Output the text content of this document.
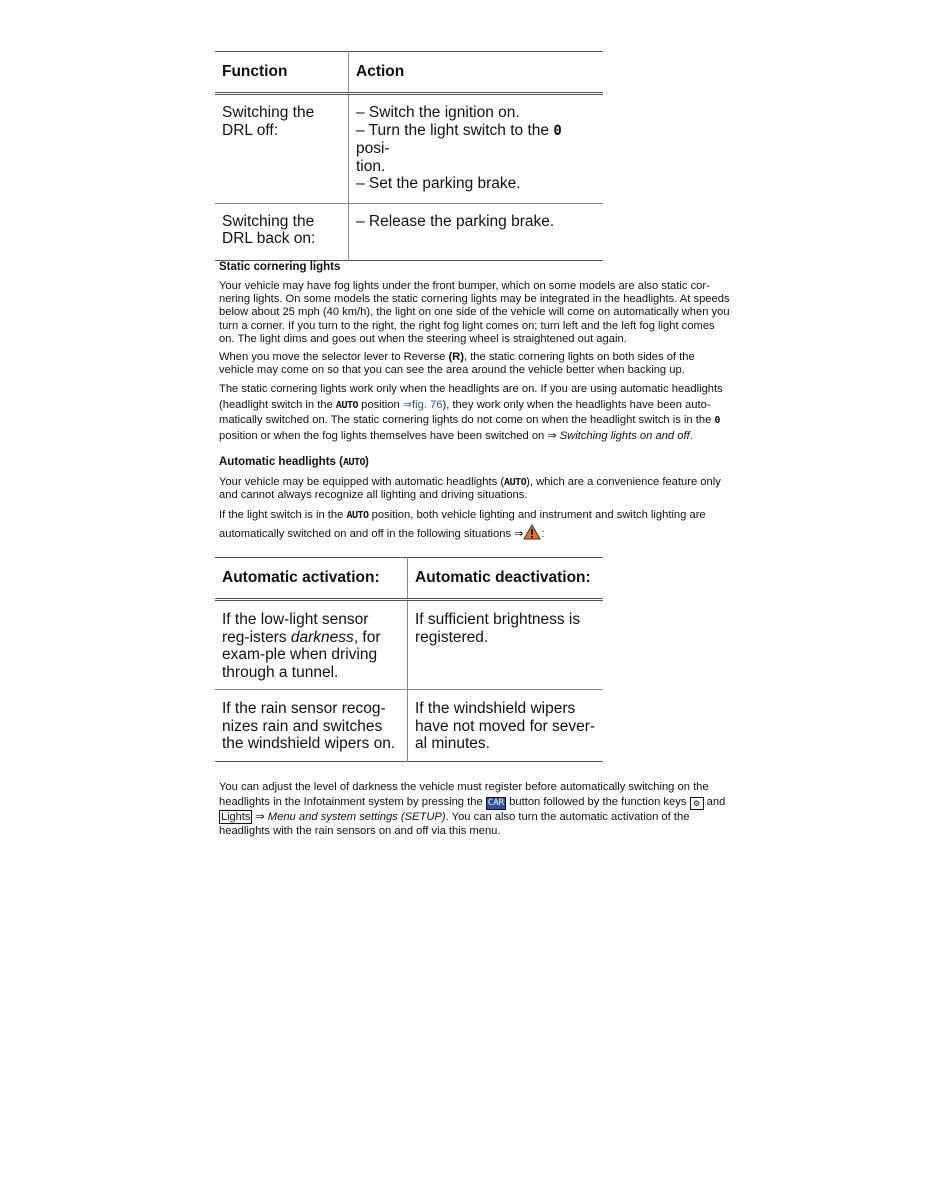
Function	Action
Switching the
DRL off:	– Switch the ignition on.
– Turn the light switch to the 0 posi-
tion.
– Set the parking brake.
Switching the
DRL back on:	– Release the parking brake.
Static cornering lights

Your vehicle may have fog lights under the front bumper, which on some models are also static cor-nering lights. On some models the static cornering lights may be integrated in the headlights. At speeds below about 25 mph (40 km/h), the light on one side of the vehicle will come on automatically when you turn a corner. If you turn to the right, the right fog light comes on; turn left and the left fog light comes on. The light dims and goes out when the steering wheel is straightened out again.

When you move the selector lever to Reverse (R), the static cornering lights on both sides of the vehicle may come on so that you can see the area around the vehicle better when backing up.

The static cornering lights work only when the headlights are on. If you are using automatic headlights (headlight switch in the AUTO position ⇒fig. 76), they work only when the headlights have been auto-matically switched on. The static cornering lights do not come on when the headlight switch is in the 0 position or when the fog lights themselves have been switched on ⇒ Switching lights on and off.

Automatic headlights (AUTO)

Your vehicle may be equipped with automatic headlights (AUTO), which are a convenience feature only and cannot always recognize all lighting and driving situations.

If the light switch is in the AUTO position, both vehicle lighting and instrument and switch lighting are automatically switched on and off in the following situations ⇒ :

Automatic activation:	Automatic deactivation:
If the low-light sensor reg-isters darkness, for exam-ple when driving through a tunnel.	If sufficient brightness is registered.
If the rain sensor recog-nizes rain and switches the windshield wipers on.	If the windshield wipers have not moved for sever-al minutes.

You can adjust the level of darkness the vehicle must register before automatically switching on the headlights in the Infotainment system by pressing the CAR button followed by the function keys ⚙ and Lights ⇒ Menu and system settings (SETUP). You can also turn the automatic activation of the headlights with the rain sensors on and off via this menu.
